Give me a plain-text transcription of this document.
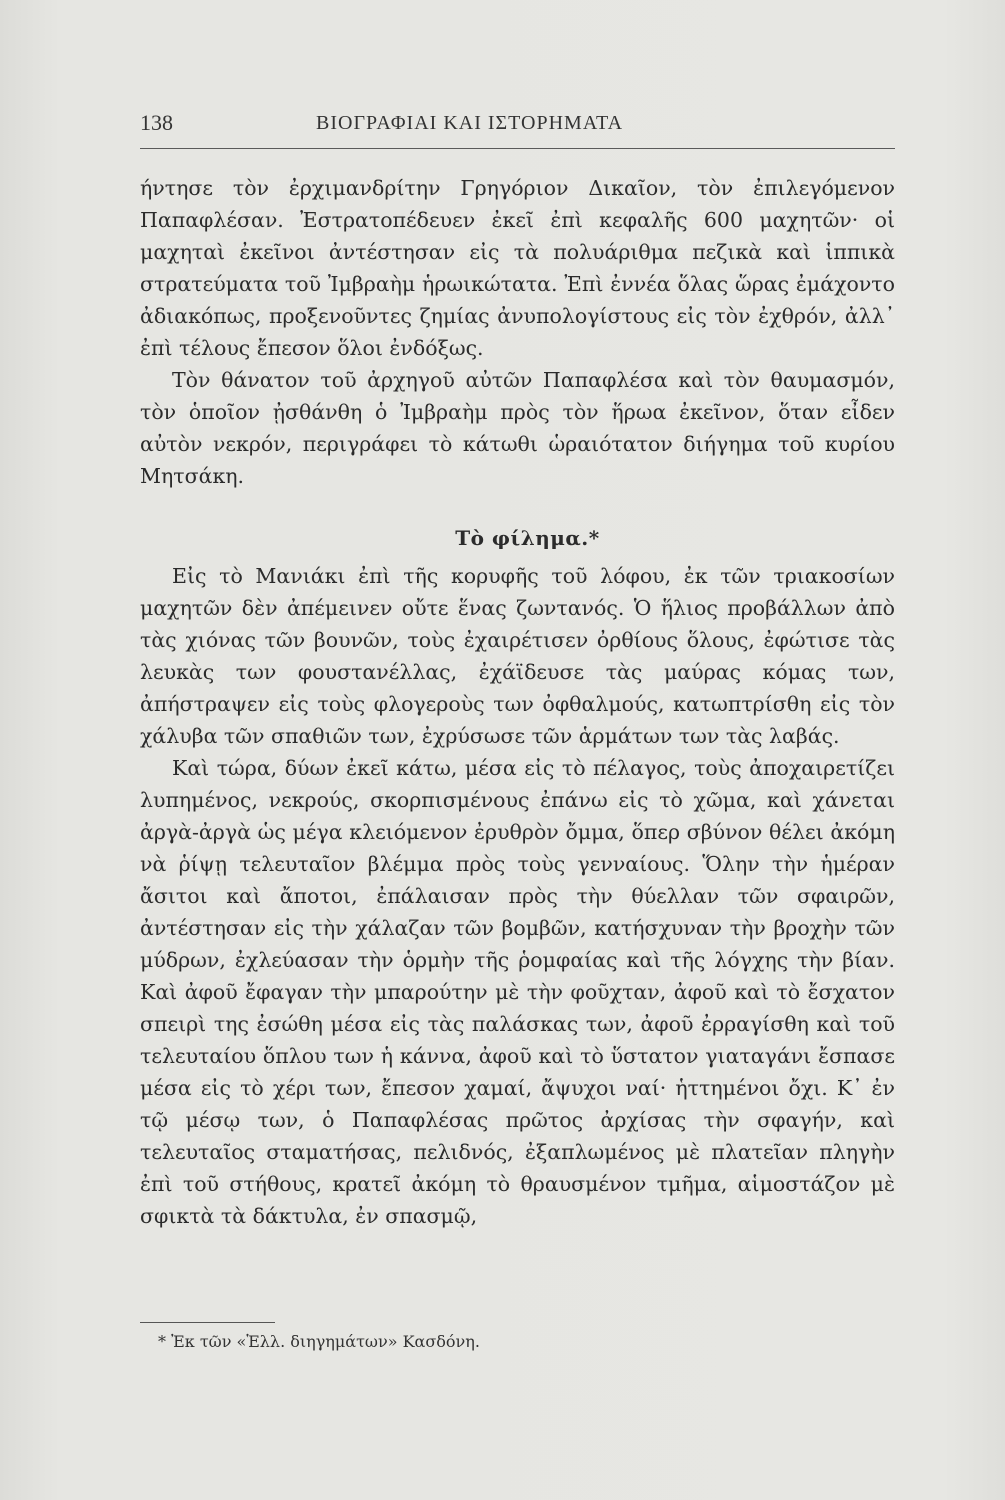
138	ΒΙΟΓΡΑΦΙΑΙ ΚΑΙ ΙΣΤΟΡΗΜΑΤΑ

ήντησε τὸν ἐρχιμανδρίτην Γρηγόριον Δικαῖον, τὸν ἐπιλεγόμενον Παπαφλέσαν. Ἐστρατοπέδευεν ἐκεῖ ἐπὶ κεφαλῆς 600 μαχητῶν· οἱ μαχηταὶ ἐκεῖνοι ἀντέστησαν εἰς τὰ πολυάριθμα πεζικὰ καὶ ἱππικὰ στρατεύματα τοῦ Ἰμβραὴμ ἡρωικώτατα. Ἐπὶ ἐννέα ὅλας ὥρας ἐμάχοντο ἀδιακόπως, προξενοῦντες ζημίας ἀνυπολογίστους εἰς τὸν ἐχθρόν, ἀλλ᾽ ἐπὶ τέλους ἔπεσον ὅλοι ἐνδόξως.

Τὸν θάνατον τοῦ ἀρχηγοῦ αὐτῶν Παπαφλέσα καὶ τὸν θαυμασμόν, τὸν ὁποῖον ᾐσθάνθη ὁ Ἰμβραὴμ πρὸς τὸν ἥρωα ἐκεῖνον, ὅταν εἶδεν αὐτὸν νεκρόν, περιγράφει τὸ κάτωθι ὡραιότατον διήγημα τοῦ κυρίου Μητσάκη.

Τὸ φίλημα.*

Εἰς τὸ Μανιάκι ἐπὶ τῆς κορυφῆς τοῦ λόφου, ἐκ τῶν τριακοσίων μαχητῶν δὲν ἀπέμεινεν οὔτε ἕνας ζωντανός. Ὁ ἥλιος προβάλλων ἀπὸ τὰς χιόνας τῶν βουνῶν, τοὺς ἐχαιρέτισεν ὀρθίους ὅλους, ἐφώτισε τὰς λευκὰς των φουστανέλλας, ἐχάϊδευσε τὰς μαύρας κόμας των, ἀπήστραψεν εἰς τοὺς φλογεροὺς των ὀφθαλμούς, κατωπτρίσθη εἰς τὸν χάλυβα τῶν σπαθιῶν των, ἐχρύσωσε τῶν ἁρμάτων των τὰς λαβάς.

Καὶ τώρα, δύων ἐκεῖ κάτω, μέσα εἰς τὸ πέλαγος, τοὺς ἀποχαιρετίζει λυπημένος, νεκρούς, σκορπισμένους ἐπάνω εἰς τὸ χῶμα, καὶ χάνεται ἀργὰ-ἀργὰ ὡς μέγα κλειόμενον ἐρυθρὸν ὄμμα, ὅπερ σβύνον θέλει ἀκόμη νὰ ῥίψῃ τελευταῖον βλέμμα πρὸς τοὺς γενναίους. Ὅλην τὴν ἡμέραν ἄσιτοι καὶ ἄποτοι, ἐπάλαισαν πρὸς τὴν θύελλαν τῶν σφαιρῶν, ἀντέστησαν εἰς τὴν χάλαζαν τῶν βομβῶν, κατήσχυναν τὴν βροχὴν τῶν μύδρων, ἐχλεύασαν τὴν ὁρμὴν τῆς ῥομφαίας καὶ τῆς λόγχης τὴν βίαν. Καὶ ἀφοῦ ἔφαγαν τὴν μπαρούτην μὲ τὴν φοῦχταν, ἀφοῦ καὶ τὸ ἔσχατον σπειρὶ της ἐσώθη μέσα εἰς τὰς παλάσκας των, ἀφοῦ ἐρραγίσθη καὶ τοῦ τελευταίου ὅπλου των ἡ κάννα, ἀφοῦ καὶ τὸ ὕστατον γιαταγάνι ἔσπασε μέσα εἰς τὸ χέρι των, ἔπεσον χαμαί, ἄψυχοι ναί· ἡττημένοι ὄχι. Κ᾽ ἐν τῷ μέσῳ των, ὁ Παπαφλέσας πρῶτος ἀρχίσας τὴν σφαγήν, καὶ τελευταῖος σταματήσας, πελιδνός, ἐξαπλωμένος μὲ πλατεῖαν πληγὴν ἐπὶ τοῦ στήθους, κρατεῖ ἀκόμη τὸ θραυσμένον τμῆμα, αἱμοστάζον μὲ σφικτὰ τὰ δάκτυλα, ἐν σπασμῷ,

* Ἐκ τῶν «Ἑλλ. διηγημάτων» Κασδόνη.
